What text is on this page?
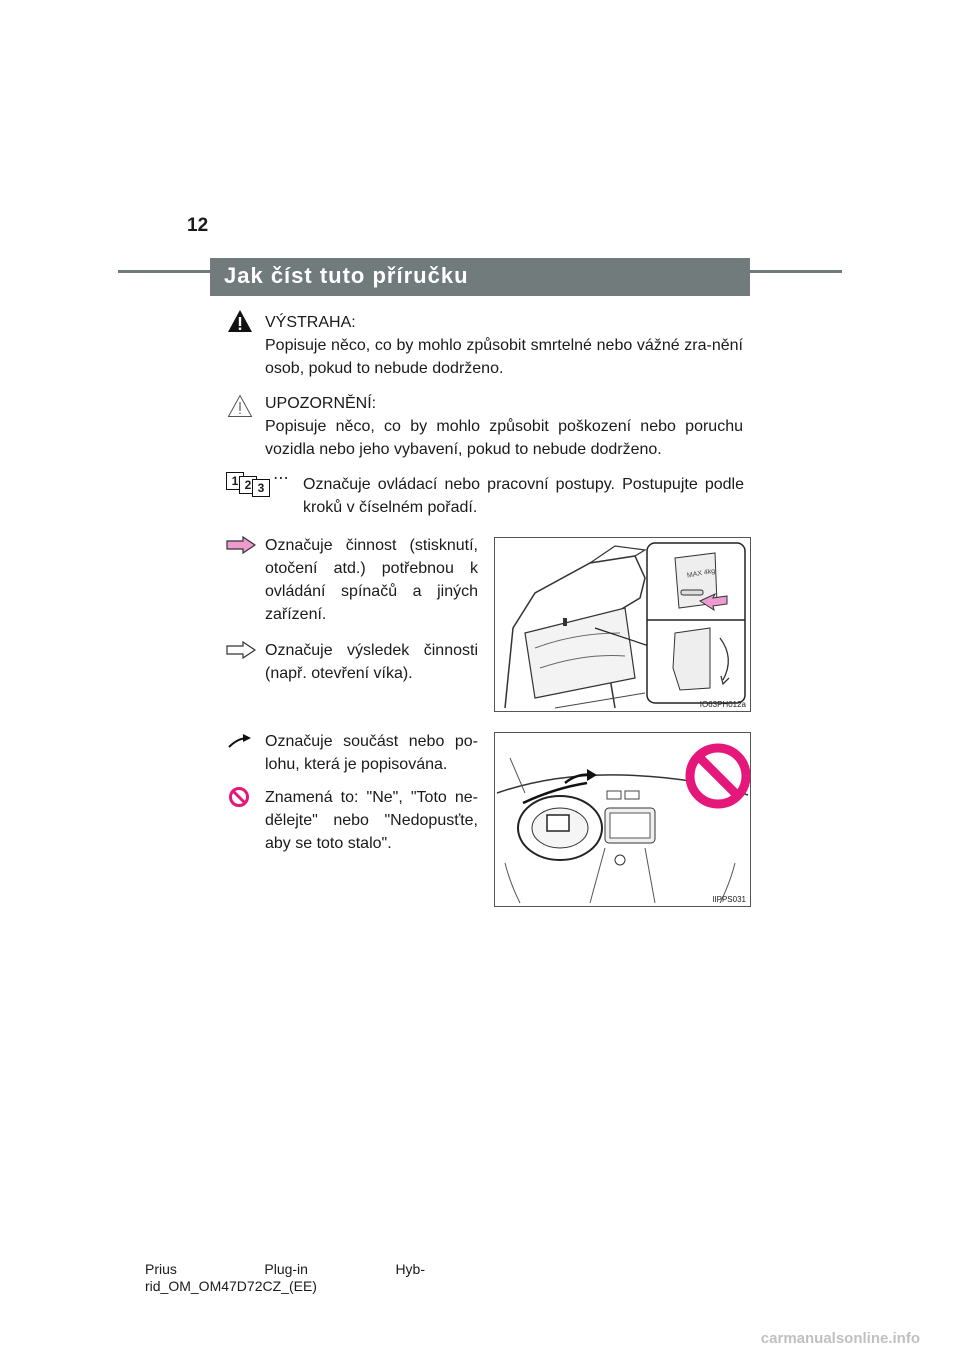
12
Jak číst tuto příručku
VÝSTRAHA:
Popisuje něco, co by mohlo způsobit smrtelné nebo vážné zra-nění osob, pokud to nebude dodrženo.
UPOZORNĚNÍ:
Popisuje něco, co by mohlo způsobit poškození nebo poruchu vozidla nebo jeho vybavení, pokud to nebude dodrženo.
1 2 3
⋯ Označuje ovládací nebo pracovní postupy. Postupujte podle kroků v číselném pořadí.
Označuje činnost (stisknutí, otočení atd.) potřebnou k ovládání spínačů a jiných zařízení.
Označuje výsledek činnosti (např. otevření víka).
MAX 4kg
IO63PH012a
Označuje součást nebo po-lohu, která je popisována.
Znamená to: "Ne", "Toto ne-dělejte" nebo "Nedopusťte, aby se toto stalo".
IIPPS031
Prius	Plug-in	Hyb-
rid_OM_OM47D72CZ_(EE)
carmanualsonline.info
